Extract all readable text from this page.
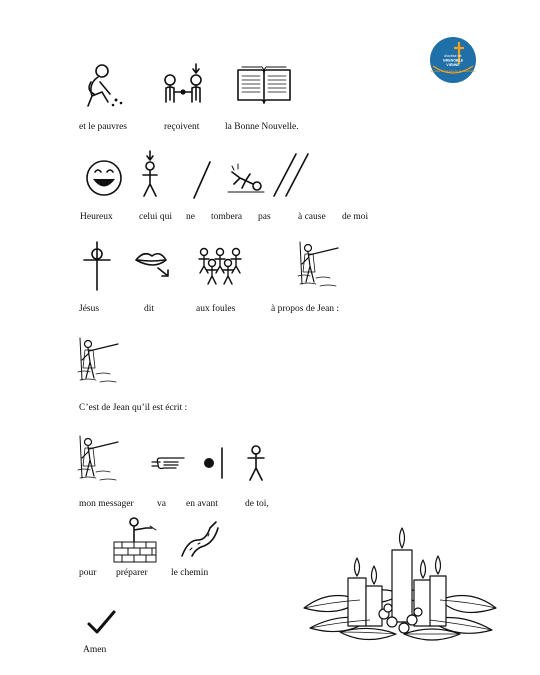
diocèse de
GRENOBLE
VIENNE
Service diocésain de la catéchèse
et le pauvres	reçoivent	la Bonne Nouvelle.
Heureux	celui qui ne tombera pas	à cause de moi
Jésus	dit	aux foules	à propos de Jean :
C’est de Jean qu’il est écrit :
mon messager va en avant	de toi,
pour préparer le chemin
Amen
